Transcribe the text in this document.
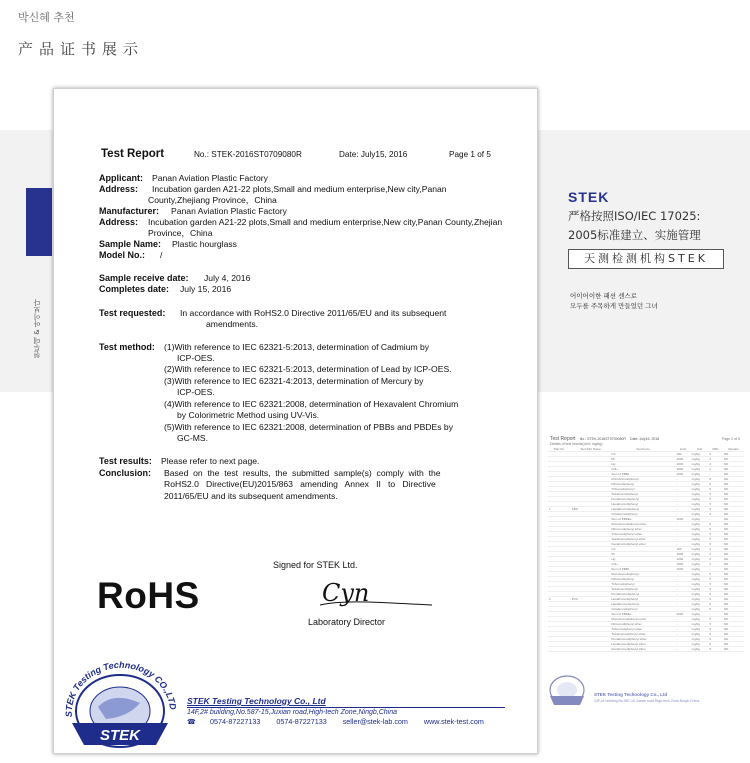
박신혜 추천
产品证书展示
현투데 & 아이보다
STEK
严格按照ISO/IEC 17025:
2005标准建立、实施管理
天测检测机构STEK
어이어이한 패션 센스로
모두를 주목하게 만들었던 그녀
Test Report	No.: STEK-2016ST0709080R	Date: July15, 2016	Page 1 of 5
Applicant: Panan Aviation Plastic Factory
Address: Incubation garden A21-22 plots,Small and medium enterprise,New city,Panan
County,Zhejiang Province，China
Manufacturer: Panan Aviation Plastic Factory
Address: Incubation garden A21-22 plots,Small and medium enterprise,New city,Panan County,Zhejian
Province，China
Sample Name: Plastic hourglass
Model No.: /
Sample receive date: July 4, 2016
Completes date: July 15, 2016
Test requested: In accordance with RoHS2.0 Directive 2011/65/EU and its subsequent
amendments.
Test method: (1)With reference to IEC 62321-5:2013, determination of Cadmium by
ICP-OES.
(2)With reference to IEC 62321-5:2013, determination of Lead by ICP-OES.
(3)With reference to IEC 62321-4:2013, determination of Mercury by
ICP-OES.
(4)With reference to IEC 62321:2008, determination of Hexavalent Chromium
by Colorimetric Method using UV-Vis.
(5)With reference to IEC 62321:2008, determination of PBBs and PBDEs by
GC-MS.
Test results: Please refer to next page.
Conclusion: Based  on  the  test  results,  the  submitted  sample(s)  comply  with  the
RoHS2.0   Directive(EU)2015/863   amending   Annex   II   to   Directive
2011/65/EU and its subsequent amendments.
Signed for STEK Ltd.
Cyn
Laboratory Director
RoHS
STEK Testing Technology CO.,LTD
STEK
STEK Testing Technology Co., Ltd
14F,2# building,No.587-15,Juxian road,High-tech Zone,Ningb,China
☎ 0574-87227133 0574-87227133 seller@stek-lab.com www.stek-test.com
Test Report No.: STEK-2016ST0709080R Date: July15, 2016	Page 2 of 5
Details of test results(Unit: mg/kg)
Part No.	Test Part Name	Test Items	Limit	Unit	MDL	Results
		Cd	100	mg/kg	2	ND
		Pb	1000	mg/kg	2	ND
		Hg	1000	mg/kg	2	ND
		Cr6+	1000	mg/kg	2	ND
		Sum of PBBs	1000	mg/kg	-	ND
		Monobromobiphenyl	-	mg/kg	5	ND
		Dibromobiphenyl	-	mg/kg	5	ND
		Tribromobiphenyl	-	mg/kg	5	ND
		Tetrabromobiphenyl	-	mg/kg	5	ND
		Pentabromobiphenyl	-	mg/kg	5	ND
		Hexabromobiphenyl	-	mg/kg	5	ND
1	ABS	Heptabromobiphenyl	-	mg/kg	5	ND
		Octabromobiphenyl	-	mg/kg	5	ND
		Sum of PBDEs	1000	mg/kg	-	ND
		Monobromodiphenyl ether	-	mg/kg	5	ND
		Dibromodiphenyl ether	-	mg/kg	5	ND
		Tribromodiphenyl ether	-	mg/kg	5	ND
		Tetrabromodiphenyl ether	-	mg/kg	5	ND
		Decabromodiphenyl ether	-	mg/kg	5	ND
		Cd	100	mg/kg	2	ND
		Pb	1000	mg/kg	2	ND
		Hg	1000	mg/kg	2	ND
		Cr6+	1000	mg/kg	2	ND
		Sum of PBBs	1000	mg/kg	-	ND
		Monobromobiphenyl	-	mg/kg	5	ND
		Dibromobiphenyl	-	mg/kg	5	ND
		Tribromobiphenyl	-	mg/kg	5	ND
		Tetrabromobiphenyl	-	mg/kg	5	ND
		Pentabromobiphenyl	-	mg/kg	5	ND
2	PVC	Hexabromobiphenyl	-	mg/kg	5	ND
		Heptabromobiphenyl	-	mg/kg	5	ND
		Octabromobiphenyl	-	mg/kg	5	ND
		Sum of PBDEs	1000	mg/kg	-	ND
		Monobromodiphenyl ether	-	mg/kg	5	ND
		Dibromodiphenyl ether	-	mg/kg	5	ND
		Tribromodiphenyl ether	-	mg/kg	5	ND
		Tetrabromodiphenyl ether	-	mg/kg	5	ND
		Pentabromodiphenyl ether	-	mg/kg	5	ND
		Hexabromodiphenyl ether	-	mg/kg	5	ND
		Decabromodiphenyl ether	-	mg/kg	5	ND
STEK Testing Technology Co., Ltd
14F,2# building,No.587-15,Juxian road,High-tech Zone,Ningb,China
